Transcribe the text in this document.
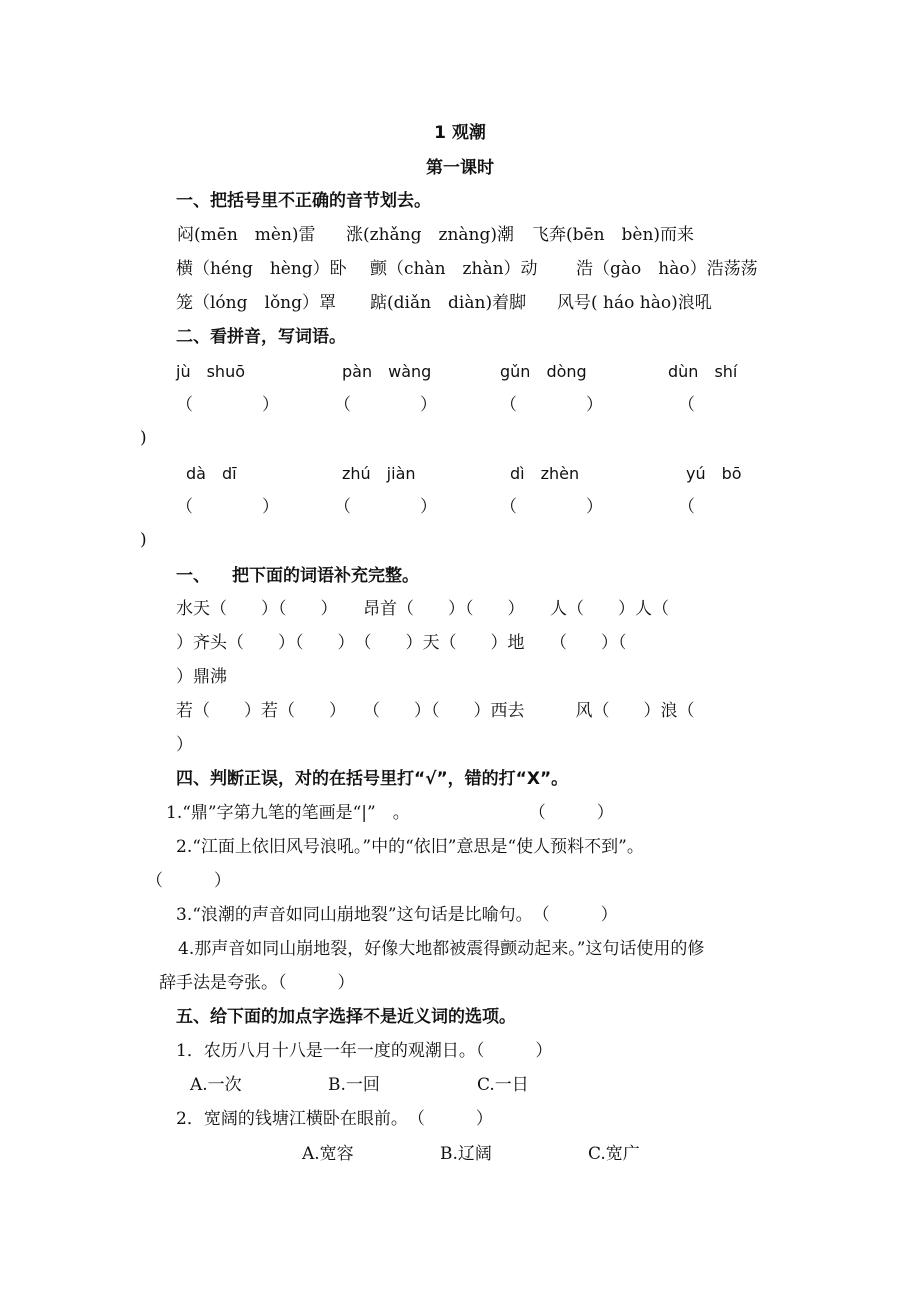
1 观潮
第一课时
一、把括号里不正确的音节划去。
闷(mēn　mèn)雷 涨(zhǎng　znàng)潮 飞奔(bēn　bèn)而来
横（héng　hèng）卧 颤（chàn　zhàn）动 浩（gào　hào）浩荡荡
笼（lóng　lǒng）罩 踮(diǎn　diàn)着脚 风号( háo hào)浪吼
二、看拼音，写词语。
jù　shuō	pàn　wàng	gǔn　dòng	dùn　shí
（	）	（	）	（	）	（
)
dà　dī	zhú　jiàn	dì　zhèn	yú　bō
（	）	（	）	（	）	（
)
一、 把下面的词语补充完整。
水天（　　）（　　）　　昂首（　　）（　　）　　人（　　）人（
）齐头（　　）（　　）　（　　）天（　　）地　　（　　）（
）鼎沸
若（　　）若（　　）　　（　　）（　　）西去　　　风（　　）浪（
）
四、判断正误，对的在括号里打“√”，错的打“X”。
1.“鼎”字第九笔的笔画是“|”　。　　　　　　　　（　　　）
2.“江面上依旧风号浪吼。”中的“依旧”意思是“使人预料不到”。
（　　　）
3.“浪潮的声音如同山崩地裂”这句话是比喻句。　（　　　）
4.那声音如同山崩地裂，好像大地都被震得颤动起来。”这句话使用的修
辞手法是夸张。（　　　）
五、给下面的加点字选择不是近义词的选项。
1．农历八月十八是一年一度的观潮日。（　　　）
A.一次	B.一回	C.一日
2．宽阔的钱塘江横卧在眼前。　（　　　）
A.宽容	B.辽阔	C.宽广
